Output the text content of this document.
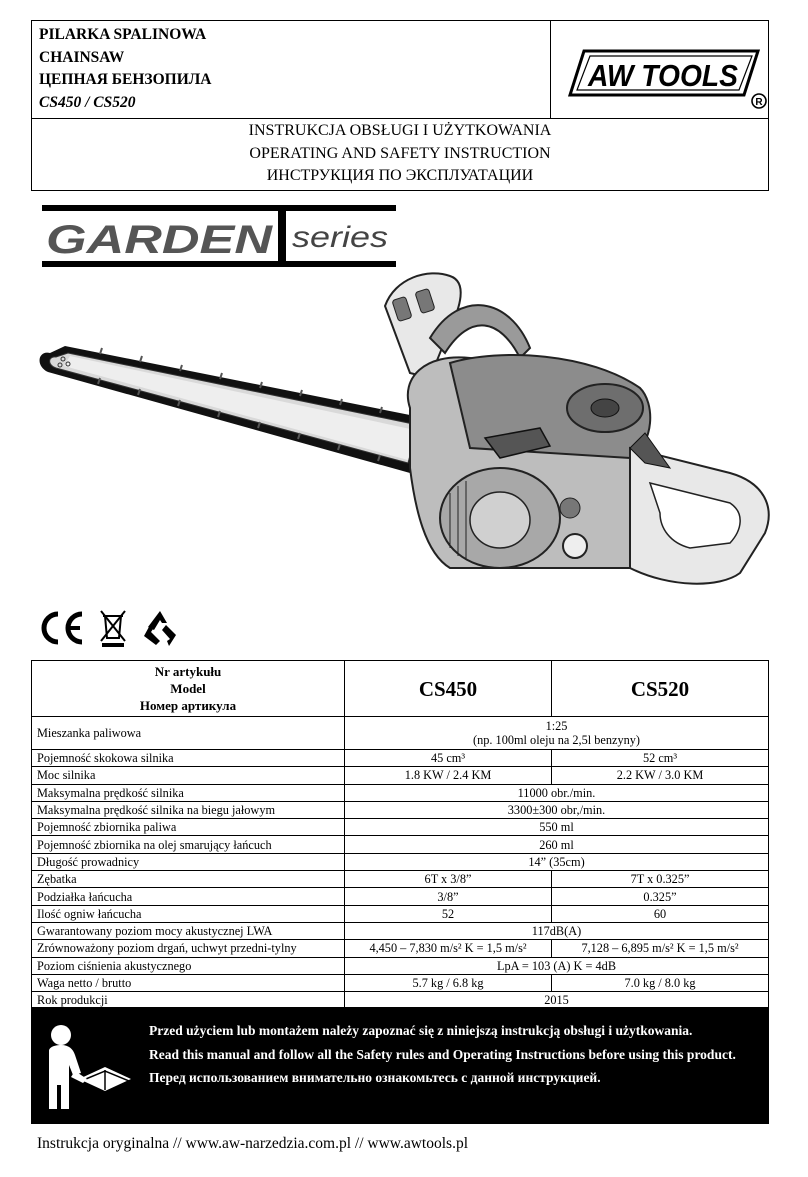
PILARKA SPALINOWA
CHAINSAW
ЦЕПНАЯ БЕНЗОПИЛА
CS450 / CS520
AW TOOLS
R
INSTRUKCJA OBSŁUGI I UŻYTKOWANIA
OPERATING AND SAFETY INSTRUCTION
ИНСТРУКЦИЯ ПО ЭКСПЛУАТАЦИИ
GARDEN series
Nr artykułu
Model
Номер артикула	CS450	CS520
Mieszanka paliwowa	1:25
(np. 100ml oleju na 2,5l benzyny)	

Pojemność skokowa silnika	45 cm³	52 cm³
Moc silnika	1.8 KW / 2.4 KM	2.2 KW / 3.0 KM
Maksymalna prędkość silnika	11000 obr./min.	

Maksymalna prędkość silnika na biegu jałowym	3300±300 obr,/min.	

Pojemność zbiornika paliwa	550 ml	

Pojemność zbiornika na olej smarujący łańcuch	260 ml	

Długość prowadnicy	14” (35cm)	

Zębatka	6T x 3/8”	7T x 0.325”
Podziałka łańcucha	3/8”	0.325”
Ilość ogniw łańcucha	52	60
Gwarantowany poziom mocy akustycznej LWA	117dB(A)	

Zrównoważony poziom drgań, uchwyt przedni-tylny	4,450 – 7,830 m/s² K = 1,5 m/s²	7,128 – 6,895 m/s² K = 1,5 m/s²
Poziom ciśnienia akustycznego	LpA = 103 (A) K = 4dB	

Waga netto / brutto	5.7 kg / 6.8 kg	7.0 kg / 8.0 kg
Rok produkcji	2015	

Przed użyciem lub montażem należy zapoznać się z niniejszą instrukcją obsługi i użytkowania.

Read this manual and follow all the Safety rules and Operating Instructions before using this product.

Перед использованием внимательно ознакомьтесь с данной инструкцией.

Instrukcja oryginalna // www.aw-narzedzia.com.pl // www.awtools.pl
